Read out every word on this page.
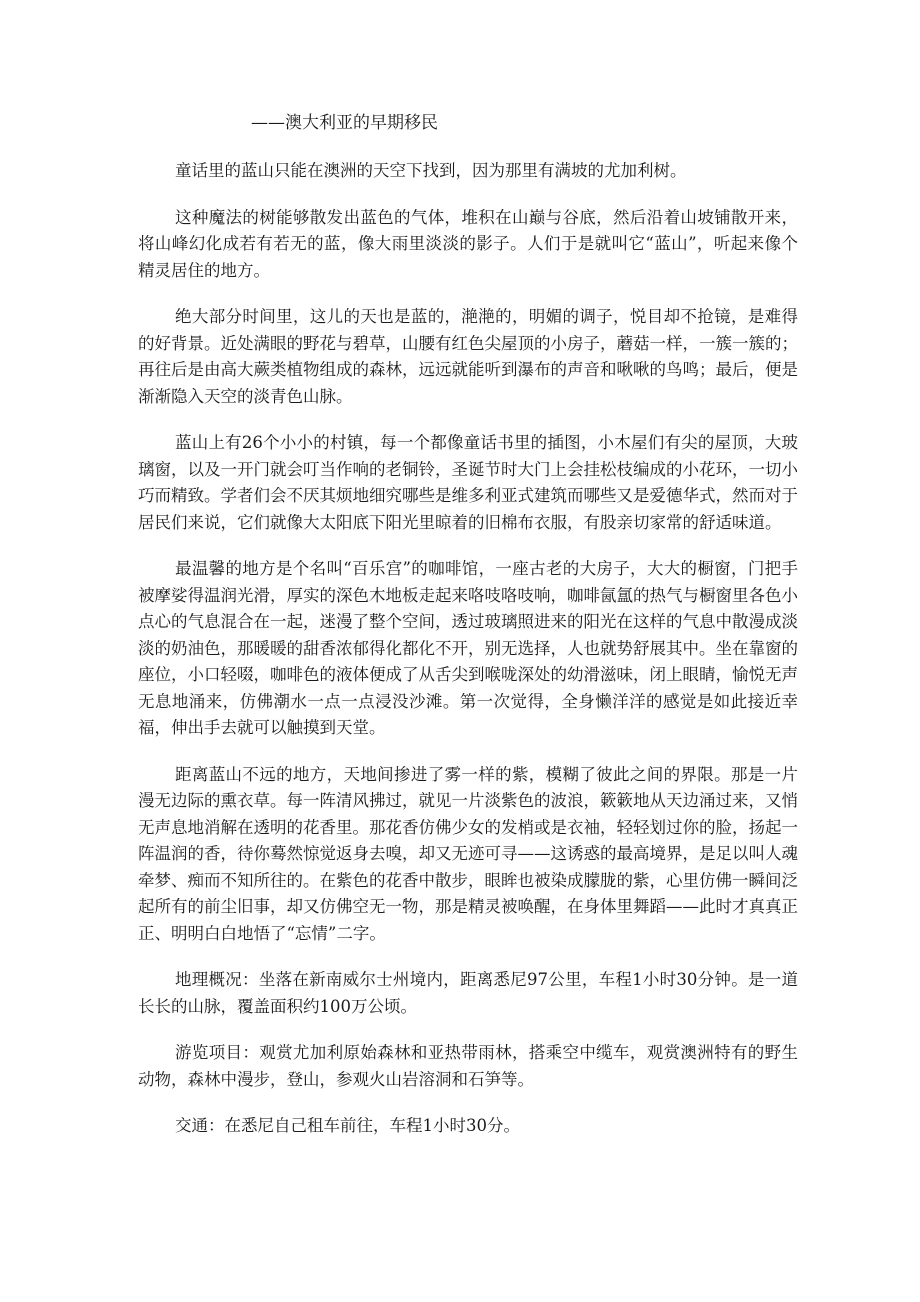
——澳大利亚的早期移民

童话里的蓝山只能在澳洲的天空下找到，因为那里有满坡的尤加利树。

这种魔法的树能够散发出蓝色的气体，堆积在山巅与谷底，然后沿着山坡铺散开来，将山峰幻化成若有若无的蓝，像大雨里淡淡的影子。人们于是就叫它“蓝山”，听起来像个精灵居住的地方。

绝大部分时间里，这儿的天也是蓝的，滟滟的，明媚的调子，悦目却不抢镜，是难得的好背景。近处满眼的野花与碧草，山腰有红色尖屋顶的小房子，蘑菇一样，一簇一簇的；再往后是由高大蕨类植物组成的森林，远远就能听到瀑布的声音和啾啾的鸟鸣；最后，便是渐渐隐入天空的淡青色山脉。

蓝山上有26个小小的村镇，每一个都像童话书里的插图，小木屋们有尖的屋顶，大玻璃窗，以及一开门就会叮当作响的老铜铃，圣诞节时大门上会挂松枝编成的小花环，一切小巧而精致。学者们会不厌其烦地细究哪些是维多利亚式建筑而哪些又是爱德华式，然而对于居民们来说，它们就像大太阳底下阳光里晾着的旧棉布衣服，有股亲切家常的舒适味道。

最温馨的地方是个名叫“百乐宫”的咖啡馆，一座古老的大房子，大大的橱窗，门把手被摩娑得温润光滑，厚实的深色木地板走起来咯吱咯吱响，咖啡氤氲的热气与橱窗里各色小点心的气息混合在一起，迷漫了整个空间，透过玻璃照进来的阳光在这样的气息中散漫成淡淡的奶油色，那暖暖的甜香浓郁得化都化不开，别无选择，人也就势舒展其中。坐在靠窗的座位，小口轻啜，咖啡色的液体便成了从舌尖到喉咙深处的幼滑滋味，闭上眼睛，愉悦无声无息地涌来，仿佛潮水一点一点浸没沙滩。第一次觉得，全身懒洋洋的感觉是如此接近幸福，伸出手去就可以触摸到天堂。

距离蓝山不远的地方，天地间掺进了雾一样的紫，模糊了彼此之间的界限。那是一片漫无边际的熏衣草。每一阵清风拂过，就见一片淡紫色的波浪，簌簌地从天边涌过来，又悄无声息地消解在透明的花香里。那花香仿佛少女的发梢或是衣袖，轻轻划过你的脸，扬起一阵温润的香，待你蓦然惊觉返身去嗅，却又无迹可寻——这诱惑的最高境界，是足以叫人魂牵梦、痴而不知所往的。在紫色的花香中散步，眼眸也被染成朦胧的紫，心里仿佛一瞬间泛起所有的前尘旧事，却又仿佛空无一物，那是精灵被唤醒，在身体里舞蹈——此时才真真正正、明明白白地悟了“忘情”二字。

地理概况：坐落在新南威尔士州境内，距离悉尼97公里，车程1小时30分钟。是一道长长的山脉，覆盖面积约100万公顷。

游览项目：观赏尤加利原始森林和亚热带雨林，搭乘空中缆车，观赏澳洲特有的野生动物，森林中漫步，登山，参观火山岩溶洞和石笋等。

交通：在悉尼自己租车前往，车程1小时30分。
